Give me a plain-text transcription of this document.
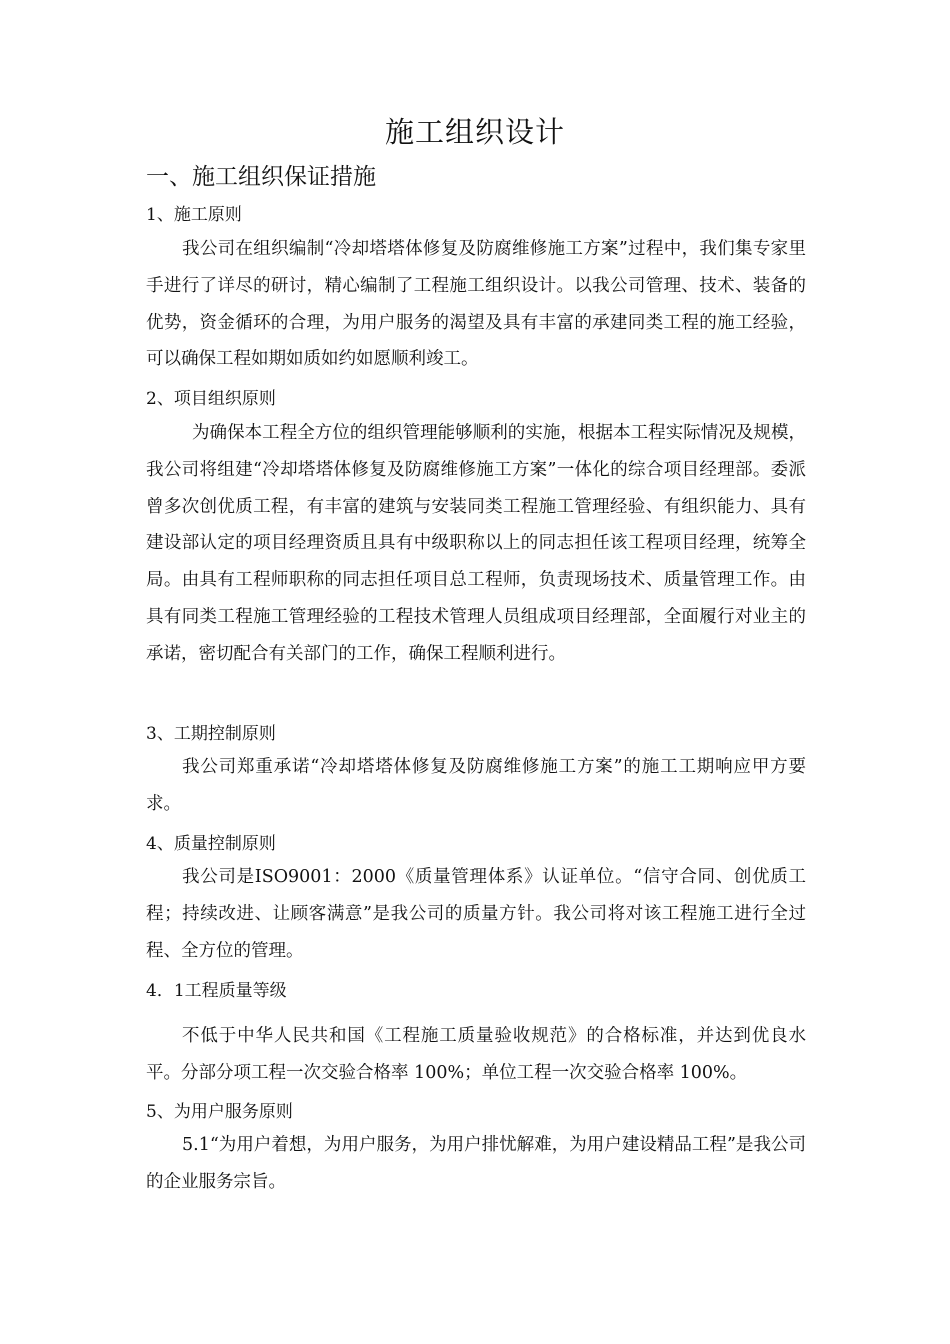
施工组织设计
一、施工组织保证措施
1、施工原则

我公司在组织编制“冷却塔塔体修复及防腐维修施工方案”过程中，我们集专家里手进行了详尽的研讨，精心编制了工程施工组织设计。以我公司管理、技术、装备的优势，资金循环的合理，为用户服务的渴望及具有丰富的承建同类工程的施工经验，可以确保工程如期如质如约如愿顺利竣工。

2、项目组织原则

为确保本工程全方位的组织管理能够顺利的实施，根据本工程实际情况及规模，我公司将组建“冷却塔塔体修复及防腐维修施工方案”一体化的综合项目经理部。委派曾多次创优质工程，有丰富的建筑与安装同类工程施工管理经验、有组织能力、具有建设部认定的项目经理资质且具有中级职称以上的同志担任该工程项目经理，统筹全局。由具有工程师职称的同志担任项目总工程师，负责现场技术、质量管理工作。由具有同类工程施工管理经验的工程技术管理人员组成项目经理部，全面履行对业主的承诺，密切配合有关部门的工作，确保工程顺利进行。

3、工期控制原则

我公司郑重承诺“冷却塔塔体修复及防腐维修施工方案”的施工工期响应甲方要求。

4、质量控制原则

我公司是ISO9001：2000《质量管理体系》认证单位。“信守合同、创优质工程；持续改进、让顾客满意”是我公司的质量方针。我公司将对该工程施工进行全过程、全方位的管理。

4．1工程质量等级

不低于中华人民共和国《工程施工质量验收规范》的合格标准，并达到优良水平。分部分项工程一次交验合格率 100%；单位工程一次交验合格率 100%。

5、为用户服务原则

5.1“为用户着想，为用户服务，为用户排忧解难，为用户建设精品工程”是我公司的企业服务宗旨。
